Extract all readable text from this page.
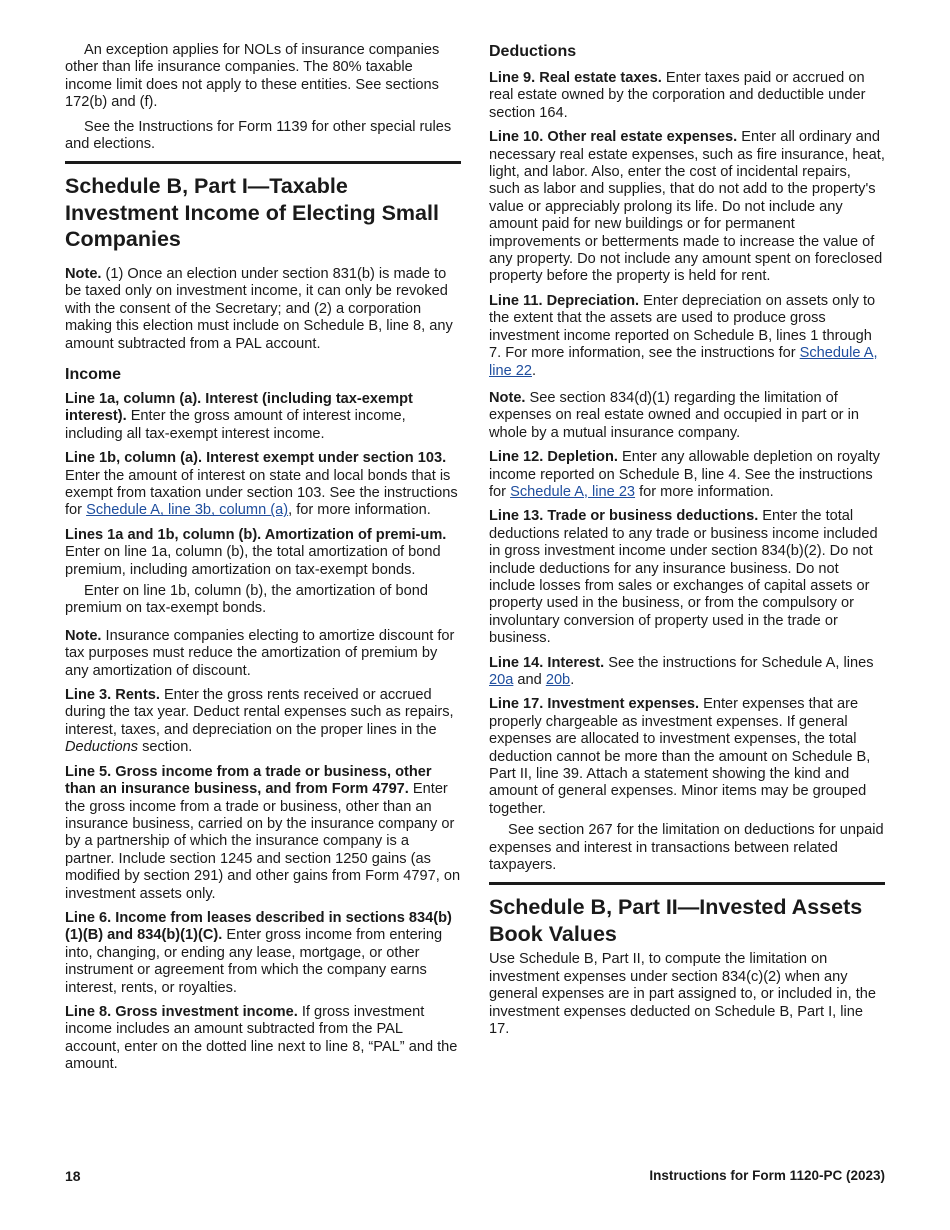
An exception applies for NOLs of insurance companies other than life insurance companies. The 80% taxable income limit does not apply to these entities. See sections 172(b) and (f).

See the Instructions for Form 1139 for other special rules and elections.

Schedule B, Part I—Taxable Investment Income of Electing Small Companies

Note. (1) Once an election under section 831(b) is made to be taxed only on investment income, it can only be revoked with the consent of the Secretary; and (2) a corporation making this election must include on Schedule B, line 8, any amount subtracted from a PAL account.

Income

Line 1a, column (a). Interest (including tax-exempt interest). Enter the gross amount of interest income, including all tax-exempt interest income.

Line 1b, column (a). Interest exempt under section 103. Enter the amount of interest on state and local bonds that is exempt from taxation under section 103. See the instructions for Schedule A, line 3b, column (a), for more information.

Lines 1a and 1b, column (b). Amortization of premi-um. Enter on line 1a, column (b), the total amortization of bond premium, including amortization on tax-exempt bonds.

Enter on line 1b, column (b), the amortization of bond premium on tax-exempt bonds.

Note. Insurance companies electing to amortize discount for tax purposes must reduce the amortization of premium by any amortization of discount.

Line 3. Rents. Enter the gross rents received or accrued during the tax year. Deduct rental expenses such as repairs, interest, taxes, and depreciation on the proper lines in the Deductions section.

Line 5. Gross income from a trade or business, other than an insurance business, and from Form 4797. Enter the gross income from a trade or business, other than an insurance business, carried on by the insurance company or by a partnership of which the insurance company is a partner. Include section 1245 and section 1250 gains (as modified by section 291) and other gains from Form 4797, on investment assets only.

Line 6. Income from leases described in sections 834(b)(1)(B) and 834(b)(1)(C). Enter gross income from entering into, changing, or ending any lease, mortgage, or other instrument or agreement from which the company earns interest, rents, or royalties.

Line 8. Gross investment income. If gross investment income includes an amount subtracted from the PAL account, enter on the dotted line next to line 8, “PAL” and the amount.

Deductions

Line 9. Real estate taxes. Enter taxes paid or accrued on real estate owned by the corporation and deductible under section 164.

Line 10. Other real estate expenses. Enter all ordinary and necessary real estate expenses, such as fire insurance, heat, light, and labor. Also, enter the cost of incidental repairs, such as labor and supplies, that do not add to the property's value or appreciably prolong its life. Do not include any amount paid for new buildings or for permanent improvements or betterments made to increase the value of any property. Do not include any amount spent on foreclosed property before the property is held for rent.

Line 11. Depreciation. Enter depreciation on assets only to the extent that the assets are used to produce gross investment income reported on Schedule B, lines 1 through 7. For more information, see the instructions for Schedule A, line 22.

Note. See section 834(d)(1) regarding the limitation of expenses on real estate owned and occupied in part or in whole by a mutual insurance company.

Line 12. Depletion. Enter any allowable depletion on royalty income reported on Schedule B, line 4. See the instructions for Schedule A, line 23 for more information.

Line 13. Trade or business deductions. Enter the total deductions related to any trade or business income included in gross investment income under section 834(b)(2). Do not include deductions for any insurance business. Do not include losses from sales or exchanges of capital assets or property used in the business, or from the compulsory or involuntary conversion of property used in the trade or business.

Line 14. Interest. See the instructions for Schedule A, lines 20a and 20b.

Line 17. Investment expenses. Enter expenses that are properly chargeable as investment expenses. If general expenses are allocated to investment expenses, the total deduction cannot be more than the amount on Schedule B, Part II, line 39. Attach a statement showing the kind and amount of general expenses. Minor items may be grouped together.

See section 267 for the limitation on deductions for unpaid expenses and interest in transactions between related taxpayers.

Schedule B, Part II—Invested Assets Book Values

Use Schedule B, Part II, to compute the limitation on investment expenses under section 834(c)(2) when any general expenses are in part assigned to, or included in, the investment expenses deducted on Schedule B, Part I, line 17.

18	Instructions for Form 1120-PC (2023)
